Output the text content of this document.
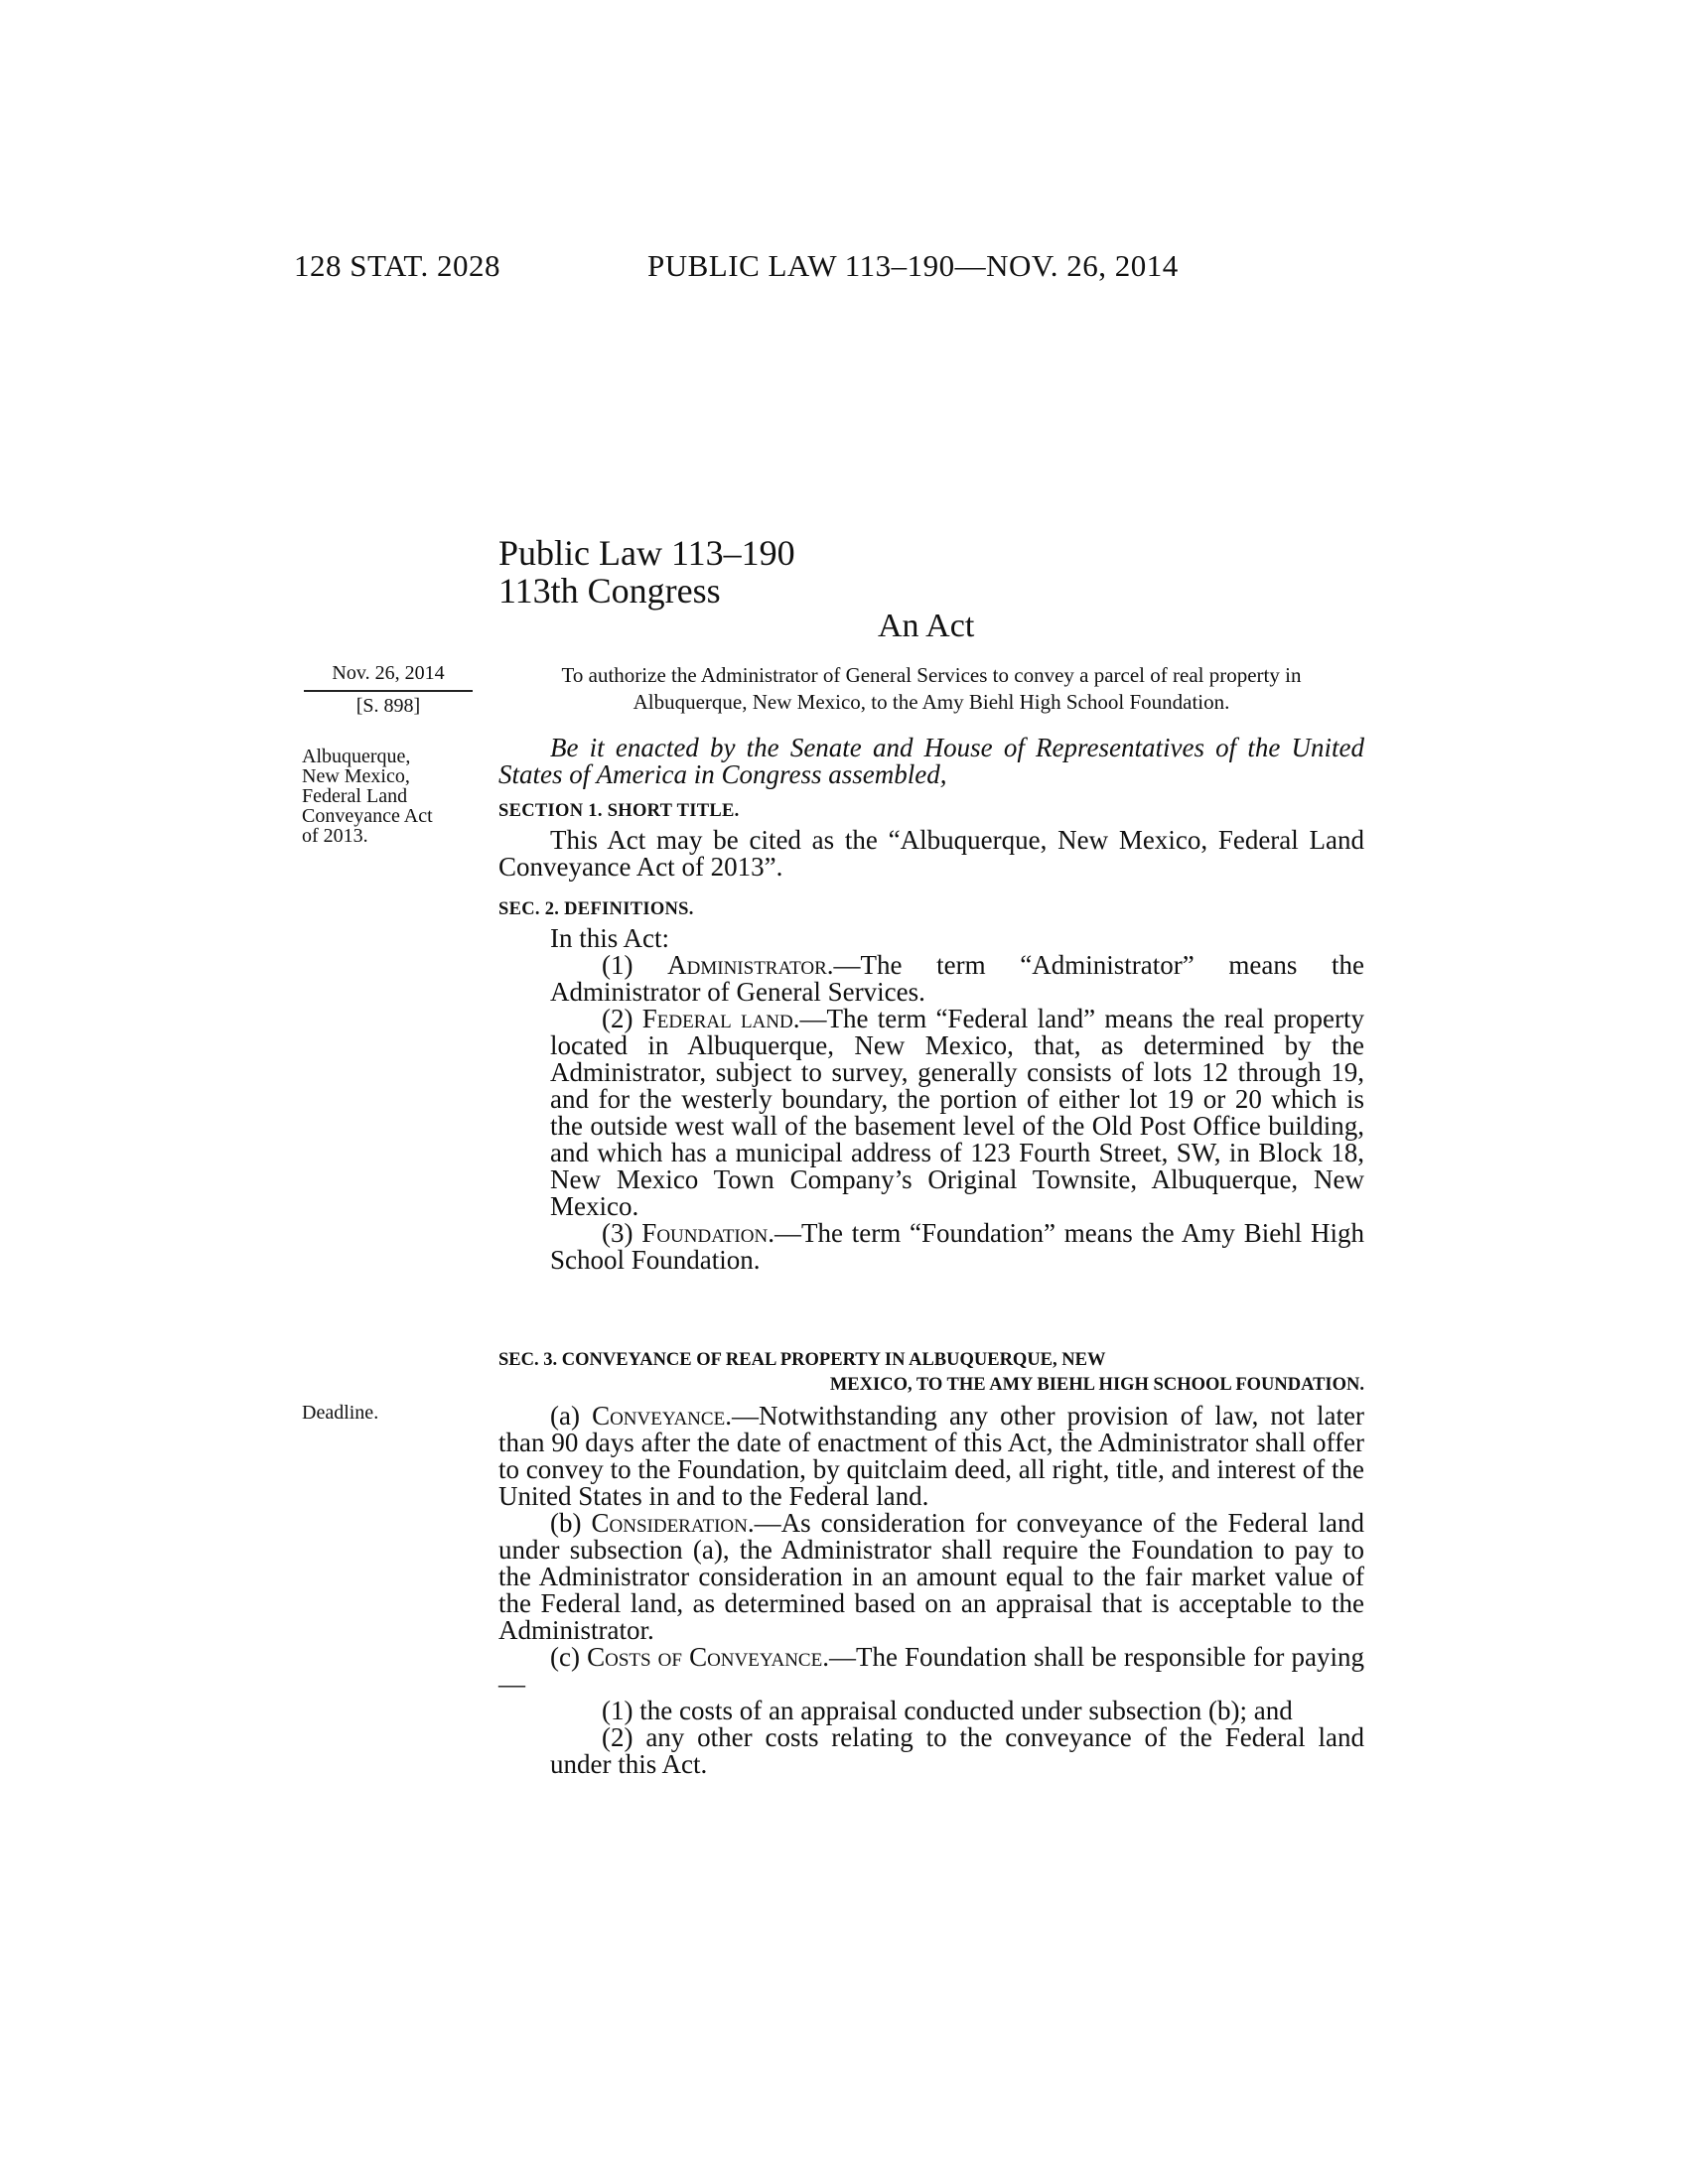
128 STAT. 2028	PUBLIC LAW 113–190—NOV. 26, 2014
Public Law 113–190
113th Congress
An Act
Nov. 26, 2014
[S. 898]
To authorize the Administrator of General Services to convey a parcel of real property in Albuquerque, New Mexico, to the Amy Biehl High School Foundation.
Albuquerque,
New Mexico,
Federal Land
Conveyance Act
of 2013.
Deadline.
Be it enacted by the Senate and House of Representatives of the United States of America in Congress assembled,
SECTION 1. SHORT TITLE.

This Act may be cited as the “Albuquerque, New Mexico, Federal Land Conveyance Act of 2013”.

SEC. 2. DEFINITIONS.

In this Act:

(1) Administrator.—The term “Administrator” means the Administrator of General Services.

(2) Federal land.—The term “Federal land” means the real property located in Albuquerque, New Mexico, that, as determined by the Administrator, subject to survey, generally consists of lots 12 through 19, and for the westerly boundary, the portion of either lot 19 or 20 which is the outside west wall of the basement level of the Old Post Office building, and which has a municipal address of 123 Fourth Street, SW, in Block 18, New Mexico Town Company’s Original Townsite, Albuquerque, New Mexico.

(3) Foundation.—The term “Foundation” means the Amy Biehl High School Foundation.

SEC. 3. CONVEYANCE OF REAL PROPERTY IN ALBUQUERQUE, NEW
MEXICO, TO THE AMY BIEHL HIGH SCHOOL FOUNDATION.

(a) Conveyance.—Notwithstanding any other provision of law, not later than 90 days after the date of enactment of this Act, the Administrator shall offer to convey to the Foundation, by quitclaim deed, all right, title, and interest of the United States in and to the Federal land.

(b) Consideration.—As consideration for conveyance of the Federal land under subsection (a), the Administrator shall require the Foundation to pay to the Administrator consideration in an amount equal to the fair market value of the Federal land, as determined based on an appraisal that is acceptable to the Administrator.

(c) Costs of Conveyance.—The Foundation shall be responsible for paying—

(1) the costs of an appraisal conducted under subsection (b); and

(2) any other costs relating to the conveyance of the Federal land under this Act.
